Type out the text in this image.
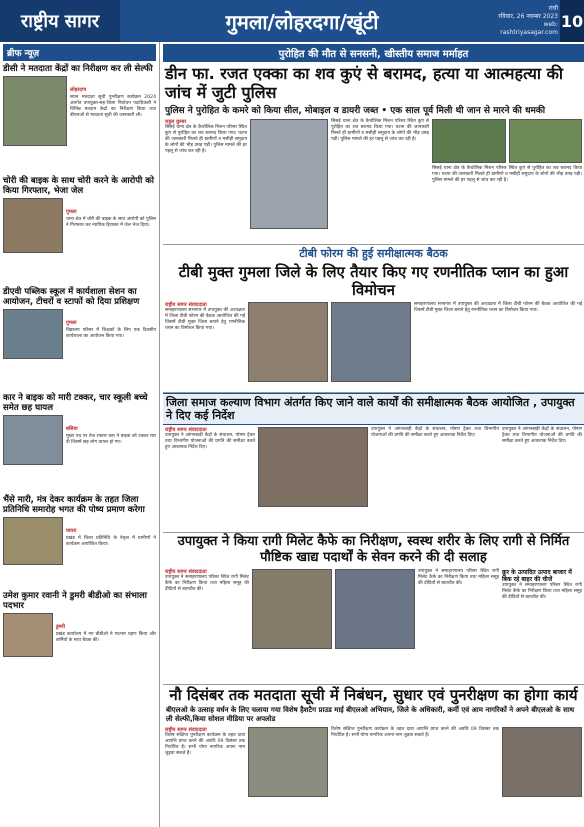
राष्ट्रीय सागर	गुमला/लोहरदगा/खूंटी
रांची
रविवार, 26 नवम्बर 2023
web: rashtriyasagar.com
10
ब्रीफ न्यूज़
डीसी ने मतदाता केंद्रों का निरीक्षण कर ली सेल्फी
लोहरदगा
सघन मतदाता सूची पुनरीक्षण कार्यक्रम 2024 अंतर्गत उपायुक्त-सह-जिला निर्वाचन पदाधिकारी ने विभिन्न मतदान केंद्रों का निरीक्षण किया तथा बीएलओ से मतदाता सूची की जानकारी ली।
चोरी की बाइक के साथ चोरी करने के आरोपी को किया गिरफ्तार, भेजा जेल
गुमला
थाना क्षेत्र में चोरी की बाइक के साथ आरोपी को पुलिस ने गिरफ्तार कर न्यायिक हिरासत में जेल भेज दिया।
डीएवी पब्लिक स्कूल में कार्यशाला सेशन का आयोजन, टीचरों व स्टाफों को दिया प्रशिक्षण
गुमला
विद्यालय परिसर में शिक्षकों के लिए एक दिवसीय कार्यशाला का आयोजन किया गया।
कार ने बाइक को मारी टक्कर, चार स्कूली बच्चे समेत छह घायल
बसिया
मुख्य पथ पर तेज रफ्तार कार ने बाइक को टक्कर मार दी जिसमें छह लोग घायल हो गए।
भैंसे मारी, मंत्र देकर कार्यक्रम के तहत जिला प्रतिनिधि समारोह भगत की पोष्य प्रमाण करेगा
घाघरा
प्रखंड में जिला प्रतिनिधि के नेतृत्व में ग्रामीणों ने कार्यक्रम आयोजित किया।
उमेश कुमार रवानी ने डुमरी बीडीओ का संभाला पदभार
डुमरी
प्रखंड कार्यालय में नए बीडीओ ने पदभार ग्रहण किया और कर्मियों के साथ बैठक की।
पुरोहित की मौत से सनसनी, खीस्तीय समाज मर्माहत
डीन फा. रजत एक्का का शव कुएं से बरामद, हत्या या आत्महत्या की जांच में जुटी पुलिस
पुलिस ने पुरोहित के कमरे को किया सील, मोबाइल व डायरी जब्त • एक साल पूर्व मिली थी जान से मारने की धमकी
राहुल कुमार
सिसई थाना क्षेत्र के कैथोलिक मिशन परिसर स्थित कुएं से पुरोहित का शव बरामद किया गया। घटना की जानकारी मिलते ही ग्रामीणों व मसीही समुदाय के लोगों की भीड़ उमड़ पड़ी। पुलिस मामले की हर पहलू से जांच कर रही है।
सिसई थाना क्षेत्र के कैथोलिक मिशन परिसर स्थित कुएं से पुरोहित का शव बरामद किया गया। घटना की जानकारी मिलते ही ग्रामीणों व मसीही समुदाय के लोगों की भीड़ उमड़ पड़ी। पुलिस मामले की हर पहलू से जांच कर रही है।
सिसई थाना क्षेत्र के कैथोलिक मिशन परिसर स्थित कुएं से पुरोहित का शव बरामद किया गया। घटना की जानकारी मिलते ही ग्रामीणों व मसीही समुदाय के लोगों की भीड़ उमड़ पड़ी। पुलिस मामले की हर पहलू से जांच कर रही है।
टीबी फोरम की हुई समीक्षात्मक बैठक
टीबी मुक्त गुमला जिले के लिए तैयार किए गए रणनीतिक प्लान का हुआ विमोचन
राष्ट्रीय सागर संवाददाता
समाहरणालय सभागार में उपायुक्त की अध्यक्षता में जिला टीबी फोरम की बैठक आयोजित की गई जिसमें टीबी मुक्त जिला बनाने हेतु रणनीतिक प्लान का विमोचन किया गया।
समाहरणालय सभागार में उपायुक्त की अध्यक्षता में जिला टीबी फोरम की बैठक आयोजित की गई जिसमें टीबी मुक्त जिला बनाने हेतु रणनीतिक प्लान का विमोचन किया गया।
जिला समाज कल्याण विभाग अंतर्गत किए जाने वाले कार्यों की समीक्षात्मक बैठक आयोजित , उपायुक्त ने दिए कई निर्देश
राष्ट्रीय सागर संवाददाता
उपायुक्त ने आंगनबाड़ी केंद्रों के संचालन, पोषण ट्रैकर तथा विभागीय योजनाओं की प्रगति की समीक्षा करते हुए आवश्यक निर्देश दिए।
उपायुक्त ने आंगनबाड़ी केंद्रों के संचालन, पोषण ट्रैकर तथा विभागीय योजनाओं की प्रगति की समीक्षा करते हुए आवश्यक निर्देश दिए।
उपायुक्त ने आंगनबाड़ी केंद्रों के संचालन, पोषण ट्रैकर तथा विभागीय योजनाओं की प्रगति की समीक्षा करते हुए आवश्यक निर्देश दिए।
उपायुक्त ने किया रागी मिलेट कैफे का निरीक्षण, स्वस्थ शरीर के लिए रागी से निर्मित पौष्टिक खाद्य पदार्थों के सेवन करने की दी सलाह
राष्ट्रीय सागर संवाददाता
उपायुक्त ने समाहरणालय परिसर स्थित रागी मिलेट कैफे का निरीक्षण किया तथा महिला समूह की दीदियों से बातचीत की।
उपायुक्त ने समाहरणालय परिसर स्थित रागी मिलेट कैफे का निरीक्षण किया तथा महिला समूह की दीदियों से बातचीत की।
क्रूर के उत्पादित उत्पाद बाजार में बिक रहे बाहर की चीजें
उपायुक्त ने समाहरणालय परिसर स्थित रागी मिलेट कैफे का निरीक्षण किया तथा महिला समूह की दीदियों से बातचीत की।
नौ दिसंबर तक मतदाता सूची में निबंधन, सुधार एवं पुनरीक्षण का होगा कार्य
बीएलओ के उत्साह वर्धन के लिए चलाया गया विशेष हैशटैग प्राउड माई बीएलओ अभियान, जिले के अधिकारी, कर्मी एवं आम नागरिकों ने अपने बीएलओ के साथ ली सेल्फी,किया सोशल मीडिया पर अपलोड
राष्ट्रीय सागर संवाददाता
विशेष संक्षिप्त पुनरीक्षण कार्यक्रम के तहत दावा आपत्ति प्राप्त करने की अवधि 09 दिसंबर तक निर्धारित है। सभी योग्य नागरिक अपना नाम जुड़वा सकते हैं।
विशेष संक्षिप्त पुनरीक्षण कार्यक्रम के तहत दावा आपत्ति प्राप्त करने की अवधि 09 दिसंबर तक निर्धारित है। सभी योग्य नागरिक अपना नाम जुड़वा सकते हैं।
